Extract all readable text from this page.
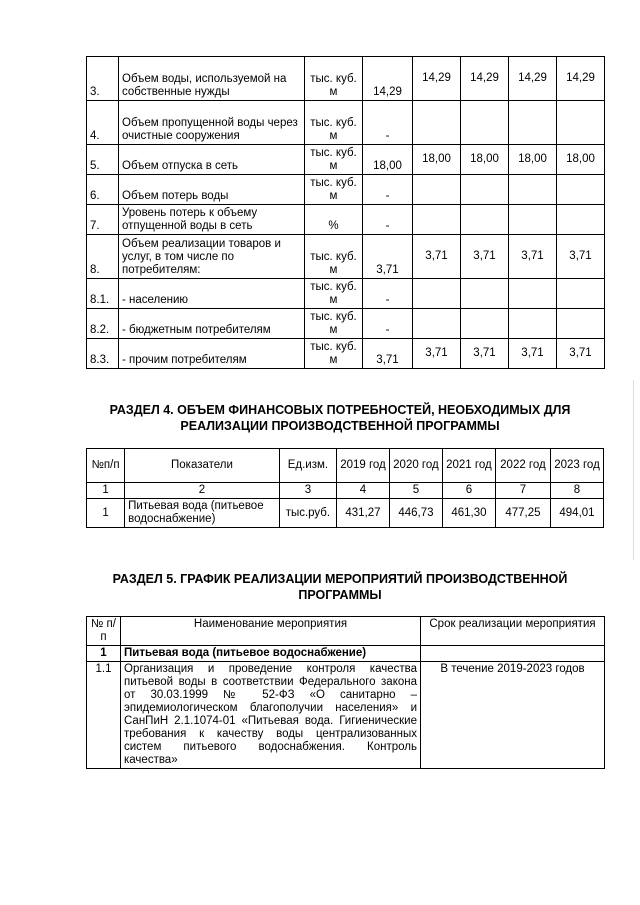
3.	Объем воды, используемой на собственные нужды	тыс. куб. м	14,29	14,29	14,29	14,29	14,29
4.	Объем пропущенной воды через очистные сооружения	тыс. куб. м	-				
5.	Объем отпуска в сеть	тыс. куб. м	18,00	18,00	18,00	18,00	18,00
6.	Объем потерь воды	тыс. куб. м	-				
7.	Уровень потерь к объему отпущенной воды в сеть	%	-				
8.	Объем реализации товаров и услуг, в том числе по потребителям:	тыс. куб. м	3,71	3,71	3,71	3,71	3,71
8.1.	- населению	тыс. куб. м	-				
8.2.	- бюджетным потребителям	тыс. куб. м	-				
8.3.	- прочим потребителям	тыс. куб. м	3,71	3,71	3,71	3,71	3,71
РАЗДЕЛ 4. ОБЪЕМ ФИНАНСОВЫХ ПОТРЕБНОСТЕЙ, НЕОБХОДИМЫХ ДЛЯ
РЕАЛИЗАЦИИ ПРОИЗВОДСТВЕННОЙ ПРОГРАММЫ
№п/п	Показатели	Ед.изм.	2019 год	2020 год	2021 год	2022 год	2023 год
1	2	3	4	5	6	7	8
1	Питьевая вода (питьевое водоснабжение)	тыс.руб.	431,27	446,73	461,30	477,25	494,01
РАЗДЕЛ 5. ГРАФИК РЕАЛИЗАЦИИ МЕРОПРИЯТИЙ ПРОИЗВОДСТВЕННОЙ
ПРОГРАММЫ
№ п/п	Наименование мероприятия	Срок реализации мероприятия
1	Питьевая вода (питьевое водоснабжение)	
1.1	Организация и проведение контроля качества питьевой воды в соответствии Федерального закона от 30.03.1999 № 52-ФЗ «О санитарно – эпидемиологическом благополучии населения» и СанПиН 2.1.1074-01 «Питьевая вода. Гигиенические требования к качеству воды централизованных систем питьевого водоснабжения. Контроль качества»	В течение 2019-2023 годов
